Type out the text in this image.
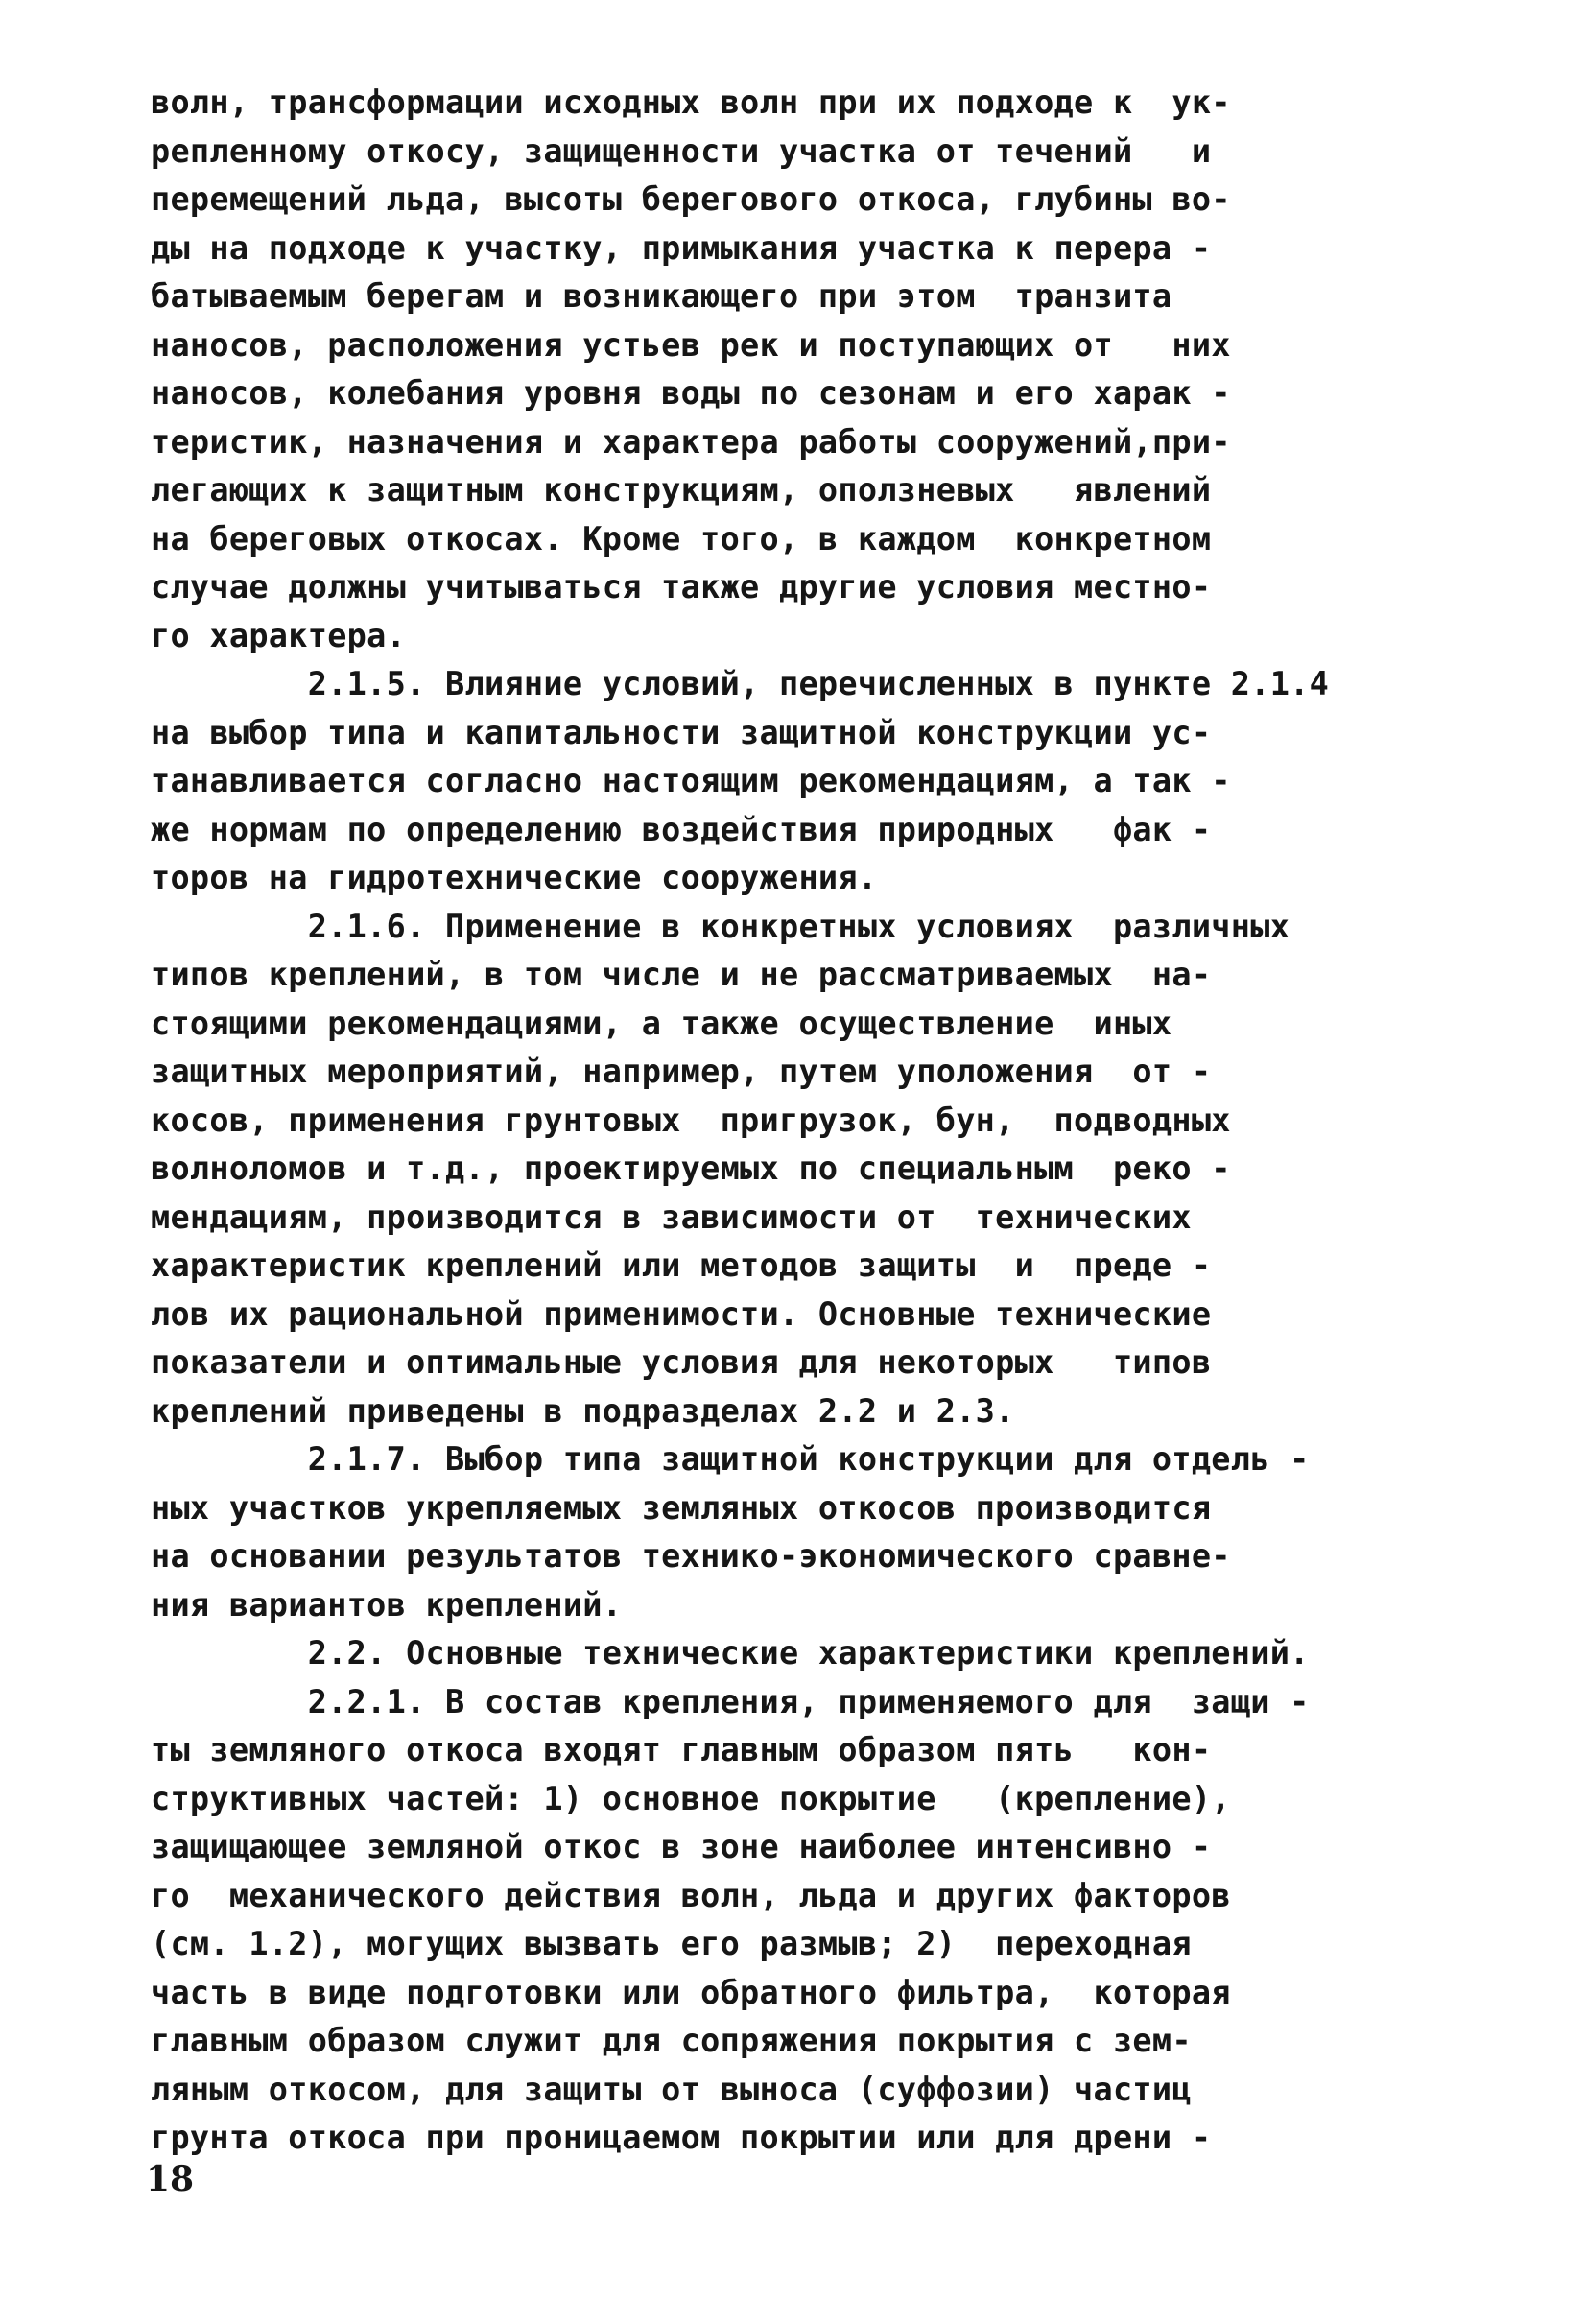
волн, трансформации исходных волн при их подходе к  ук-
репленному откосу, защищенности участка от течений   и
перемещений льда, высоты берегового откоса, глубины во-
ды на подходе к участку, примыкания участка к перера -
батываемым берегам и возникающего при этом  транзита
наносов, расположения устьев рек и поступающих от   них
наносов, колебания уровня воды по сезонам и его харак -
теристик, назначения и характера работы сооружений,при-
легающих к защитным конструкциям, оползневых   явлений
на береговых откосах. Кроме того, в каждом  конкретном
случае должны учитываться также другие условия местно-
го характера.
2.1.5. Влияние условий, перечисленных в пункте 2.1.4
на выбор типа и капитальности защитной конструкции ус-
танавливается согласно настоящим рекомендациям, а так -
же нормам по определению воздействия природных   фак -
торов на гидротехнические сооружения.
2.1.6. Применение в конкретных условиях  различных
типов креплений, в том числе и не рассматриваемых  на-
стоящими рекомендациями, а также осуществление  иных
защитных мероприятий, например, путем уположения  от -
косов, применения грунтовых  пригрузок, бун,  подводных
волноломов и т.д., проектируемых по специальным  реко -
мендациям, производится в зависимости от  технических
характеристик креплений или методов защиты  и  преде -
лов их рациональной применимости. Основные технические
показатели и оптимальные условия для некоторых   типов
креплений приведены в подразделах 2.2 и 2.3.
2.1.7. Выбор типа защитной конструкции для отдель -
ных участков укрепляемых земляных откосов производится
на основании результатов технико-экономического сравне-
ния вариантов креплений.
2.2. Основные технические характеристики креплений.
2.2.1. В состав крепления, применяемого для  защи -
ты земляного откоса входят главным образом пять   кон-
структивных частей: 1) основное покрытие   (крепление),
защищающее земляной откос в зоне наиболее интенсивно -
го  механического действия волн, льда и других факторов
(см. 1.2), могущих вызвать его размыв; 2)  переходная
часть в виде подготовки или обратного фильтра,  которая
главным образом служит для сопряжения покрытия с зем-
ляным откосом, для защиты от выноса (суффозии) частиц
грунта откоса при проницаемом покрытии или для дрени -
18
